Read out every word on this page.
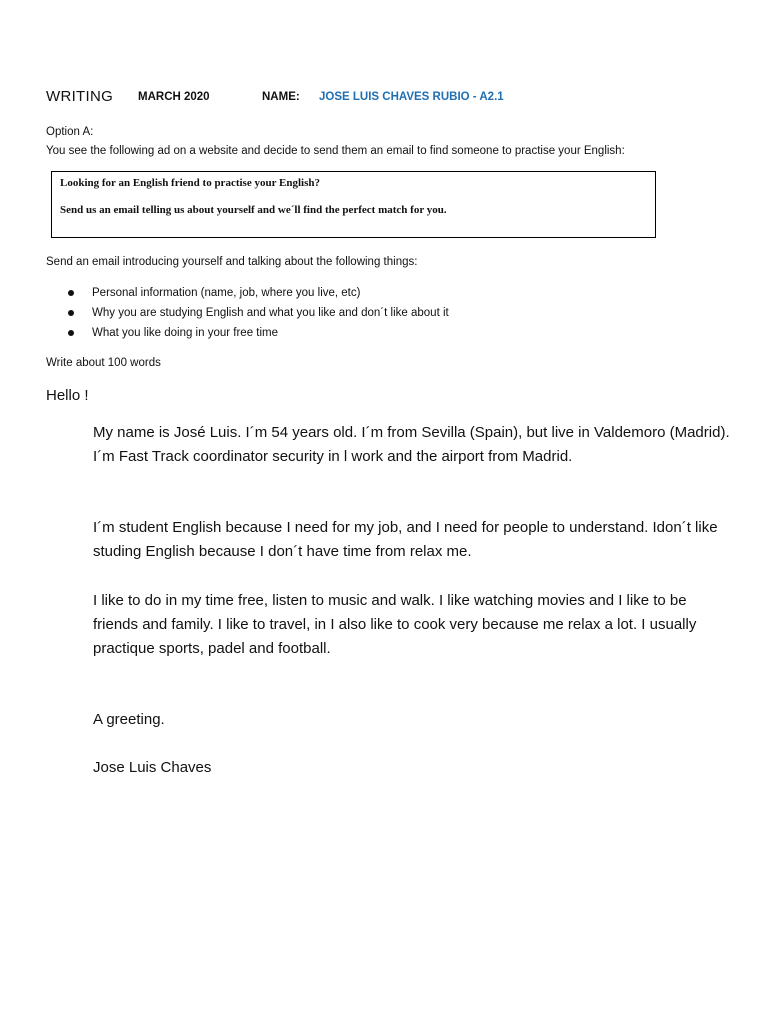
WRITING MARCH 2020	NAME: JOSE LUIS CHAVES RUBIO - A2.1
Option A:
You see the following ad on a website and decide to send them an email to find someone to practise your English:
Looking for an English friend to practise your English?
Send us an email telling us about yourself and we´ll find the perfect match for you.
Send an email introducing yourself and talking about the following things:
Personal information (name, job, where you live, etc)
Why you are studying English and what you like and don´t like about it
What you like doing in your free time
Write about 100 words
Hello !
My name is José Luis. I´m 54 years old. I´m from Sevilla (Spain), but live in Valdemoro (Madrid).
I´m Fast Track coordinator security in l work and the airport from Madrid.
I´m student English because I need for my job, and I need for people to understand. Idon´t like studing English because I don´t have time from relax me.
I like to do in my time free, listen to music and walk. I like watching movies and I like to be friends and family. I like to travel, in I also like to cook very because me relax a lot. I usually practique sports, padel and football.
A greeting.
Jose Luis Chaves
